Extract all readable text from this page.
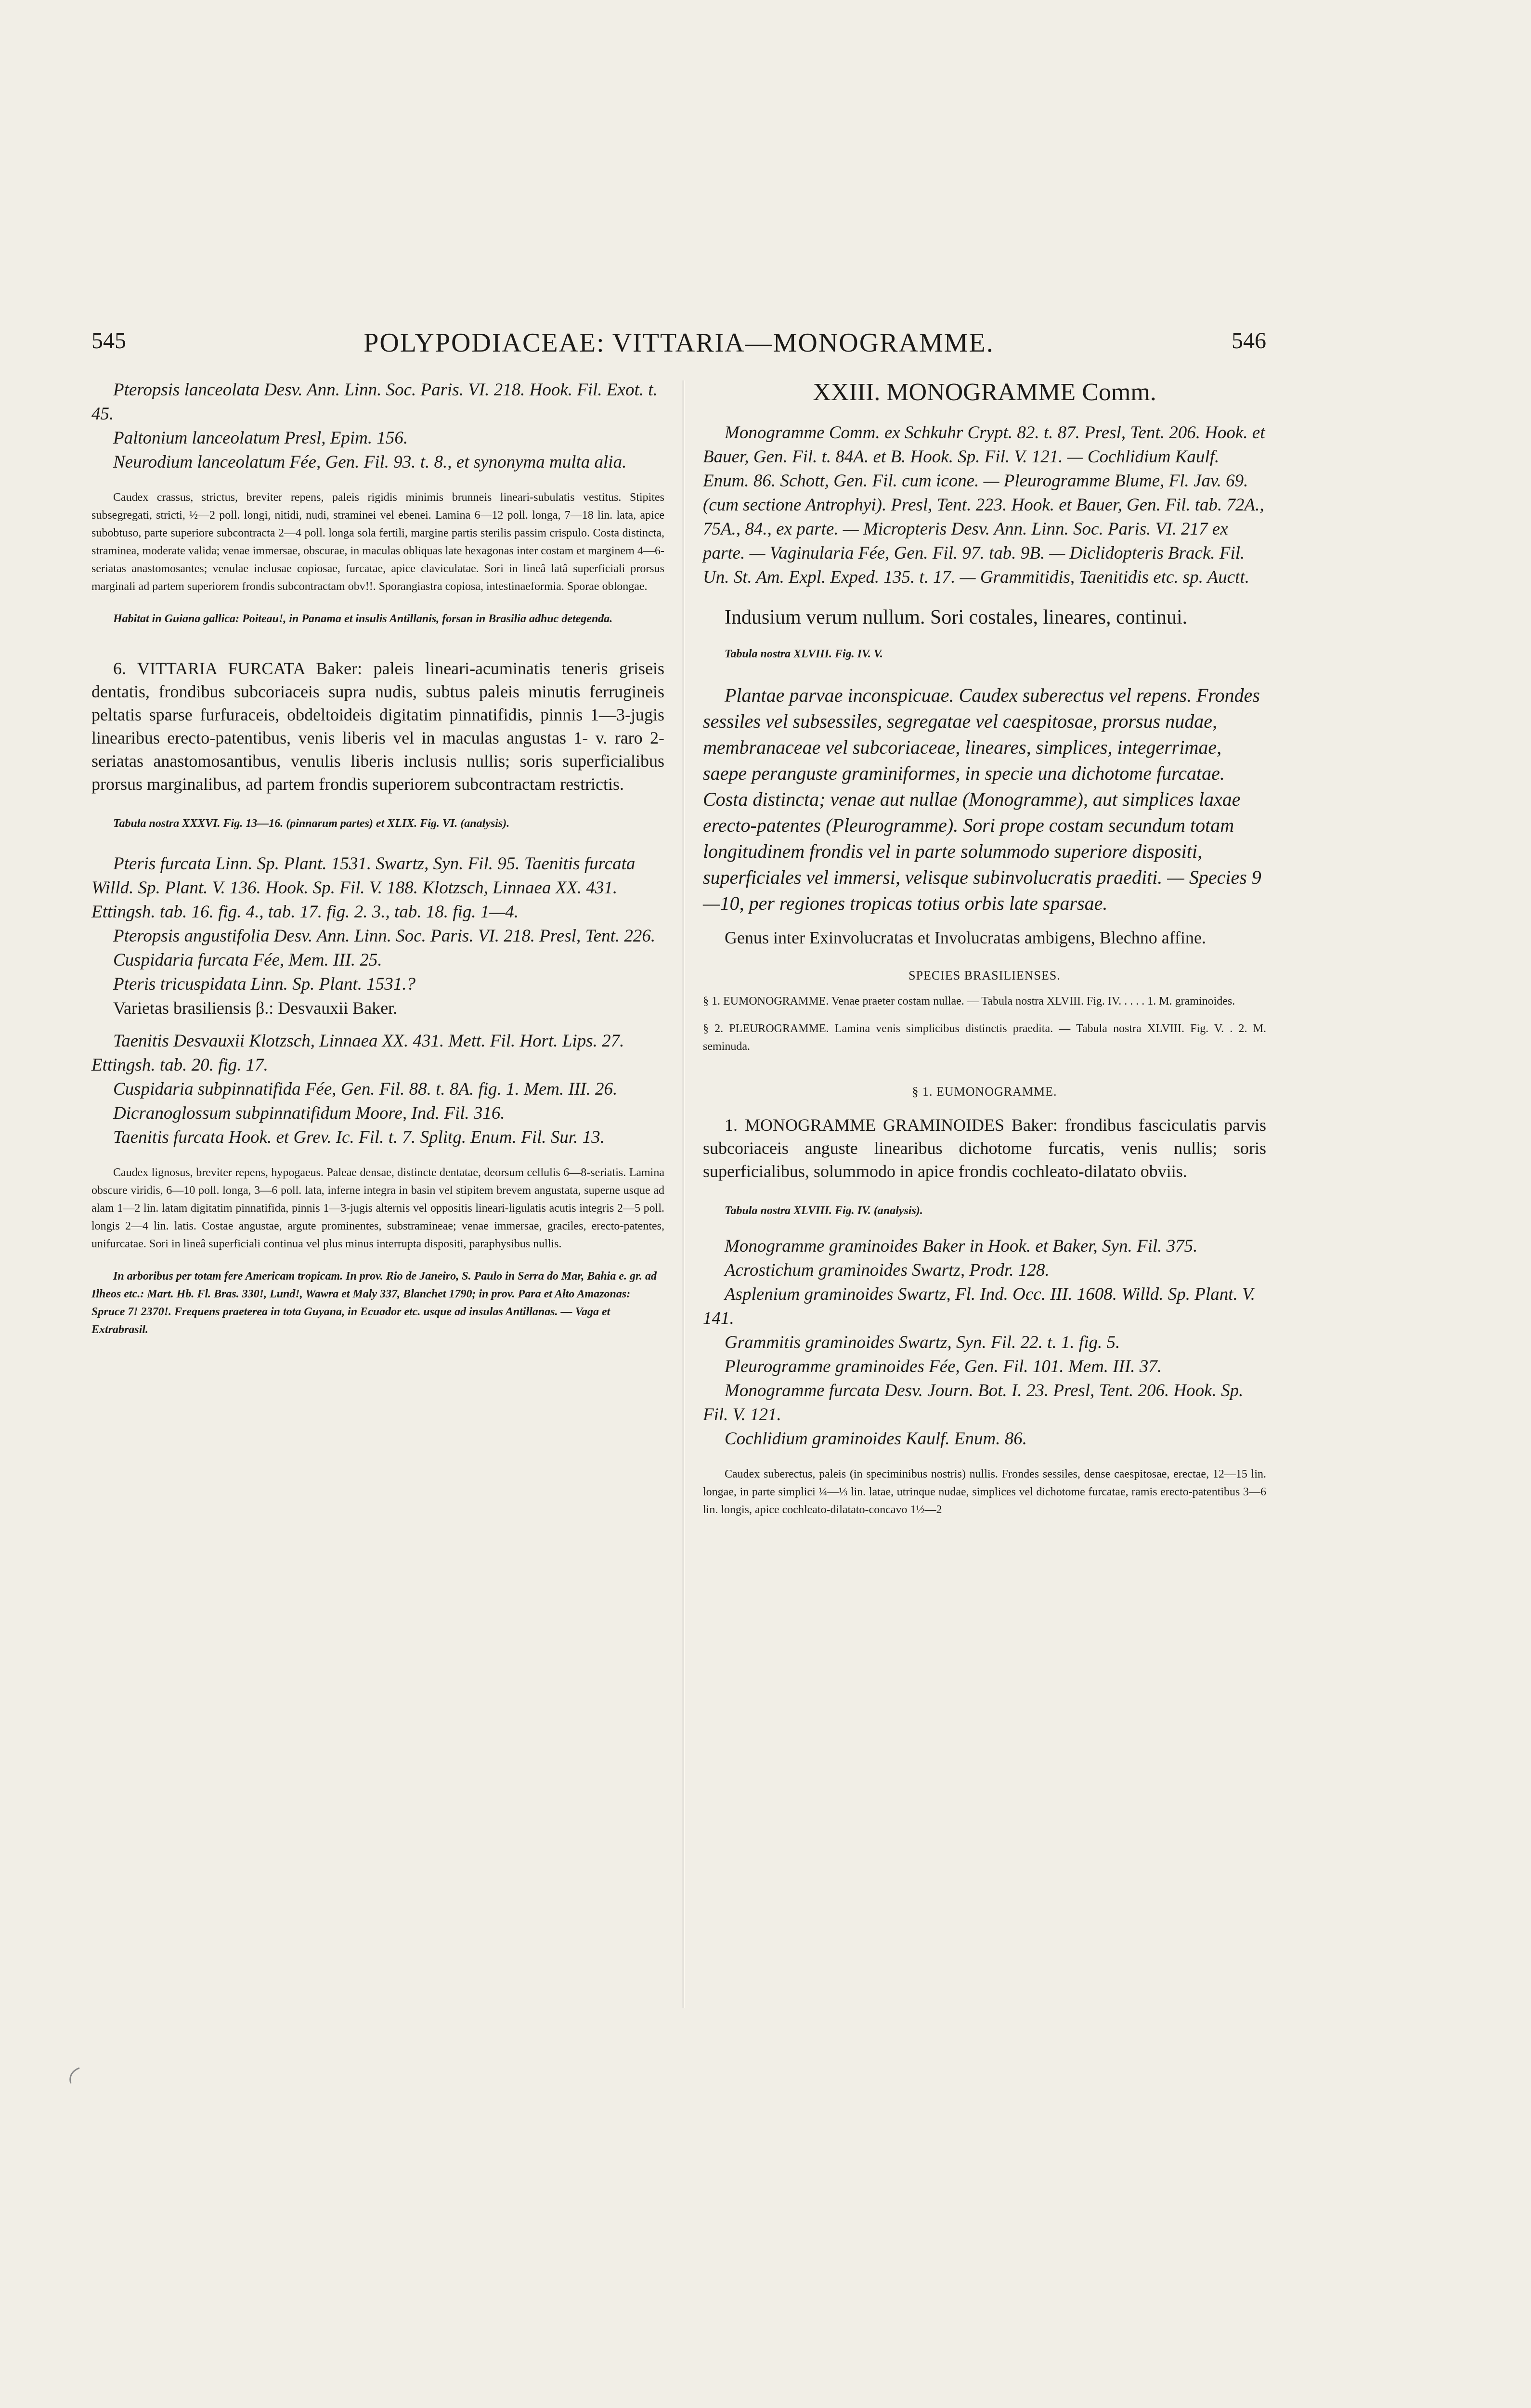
545	POLYPODIACEAE: VITTARIA—MONOGRAMME.	546

Pteropsis lanceolata Desv. Ann. Linn. Soc. Paris. VI. 218. Hook. Fil. Exot. t. 45.

Paltonium lanceolatum Presl, Epim. 156.

Neurodium lanceolatum Fée, Gen. Fil. 93. t. 8., et synonyma multa alia.

Caudex crassus, strictus, breviter repens, paleis rigidis minimis brunneis lineari-subulatis vestitus. Stipites subsegregati, stricti, ½—2 poll. longi, nitidi, nudi, straminei vel ebenei. Lamina 6—12 poll. longa, 7—18 lin. lata, apice subobtuso, parte superiore subcontracta 2—4 poll. longa sola fertili, margine partis sterilis passim crispulo. Costa distincta, straminea, moderate valida; venae immersae, obscurae, in maculas obliquas late hexagonas inter costam et marginem 4—6-seriatas anastomosantes; venulae inclusae copiosae, furcatae, apice claviculatae. Sori in lineâ latâ superficiali prorsus marginali ad partem superiorem frondis subcontractam obv!!. Sporangiastra copiosa, intestinaeformia. Sporae oblongae.

Habitat in Guiana gallica: Poiteau!, in Panama et insulis Antillanis, forsan in Brasilia adhuc detegenda.

6. VITTARIA FURCATA Baker: paleis lineari-acuminatis teneris griseis dentatis, frondibus subcoriaceis supra nudis, subtus paleis minutis ferrugineis peltatis sparse furfuraceis, obdeltoideis digitatim pinnatifidis, pinnis 1—3-jugis linearibus erecto-patentibus, venis liberis vel in maculas angustas 1- v. raro 2-seriatas anastomosantibus, venulis liberis inclusis nullis; soris superficialibus prorsus marginalibus, ad partem frondis superiorem subcontractam restrictis.

Tabula nostra XXXVI. Fig. 13—16. (pinnarum partes) et XLIX. Fig. VI. (analysis).

Pteris furcata Linn. Sp. Plant. 1531. Swartz, Syn. Fil. 95. Taenitis furcata Willd. Sp. Plant. V. 136. Hook. Sp. Fil. V. 188. Klotzsch, Linnaea XX. 431. Ettingsh. tab. 16. fig. 4., tab. 17. fig. 2. 3., tab. 18. fig. 1—4.

Pteropsis angustifolia Desv. Ann. Linn. Soc. Paris. VI. 218. Presl, Tent. 226.

Cuspidaria furcata Fée, Mem. III. 25.

Pteris tricuspidata Linn. Sp. Plant. 1531.?

Varietas brasiliensis β.: Desvauxii Baker.

Taenitis Desvauxii Klotzsch, Linnaea XX. 431. Mett. Fil. Hort. Lips. 27. Ettingsh. tab. 20. fig. 17.

Cuspidaria subpinnatifida Fée, Gen. Fil. 88. t. 8A. fig. 1. Mem. III. 26.

Dicranoglossum subpinnatifidum Moore, Ind. Fil. 316.

Taenitis furcata Hook. et Grev. Ic. Fil. t. 7. Splitg. Enum. Fil. Sur. 13.

Caudex lignosus, breviter repens, hypogaeus. Paleae densae, distincte dentatae, deorsum cellulis 6—8-seriatis. Lamina obscure viridis, 6—10 poll. longa, 3—6 poll. lata, inferne integra in basin vel stipitem brevem angustata, superne usque ad alam 1—2 lin. latam digitatim pinnatifida, pinnis 1—3-jugis alternis vel oppositis lineari-ligulatis acutis integris 2—5 poll. longis 2—4 lin. latis. Costae angustae, argute prominentes, substramineae; venae immersae, graciles, erecto-patentes, unifurcatae. Sori in lineâ superficiali continua vel plus minus interrupta dispositi, paraphysibus nullis.

In arboribus per totam fere Americam tropicam. In prov. Rio de Janeiro, S. Paulo in Serra do Mar, Bahia e. gr. ad Ilheos etc.: Mart. Hb. Fl. Bras. 330!, Lund!, Wawra et Maly 337, Blanchet 1790; in prov. Para et Alto Amazonas: Spruce 7! 2370!. Frequens praeterea in tota Guyana, in Ecuador etc. usque ad insulas Antillanas. — Vaga et Extrabrasil.

XXIII. MONOGRAMME Comm.

Monogramme Comm. ex Schkuhr Crypt. 82. t. 87. Presl, Tent. 206. Hook. et Bauer, Gen. Fil. t. 84A. et B. Hook. Sp. Fil. V. 121. — Cochlidium Kaulf. Enum. 86. Schott, Gen. Fil. cum icone. — Pleurogramme Blume, Fl. Jav. 69. (cum sectione Antrophyi). Presl, Tent. 223. Hook. et Bauer, Gen. Fil. tab. 72A., 75A., 84., ex parte. — Micropteris Desv. Ann. Linn. Soc. Paris. VI. 217 ex parte. — Vaginularia Fée, Gen. Fil. 97. tab. 9B. — Diclidopteris Brack. Fil. Un. St. Am. Expl. Exped. 135. t. 17. — Grammitidis, Taenitidis etc. sp. Auctt.

Indusium verum nullum. Sori costales, lineares, continui.

Tabula nostra XLVIII. Fig. IV. V.

Plantae parvae inconspicuae. Caudex suberectus vel repens. Frondes sessiles vel subsessiles, segregatae vel caespitosae, prorsus nudae, membranaceae vel subcoriaceae, lineares, simplices, integerrimae, saepe peranguste graminiformes, in specie una dichotome furcatae. Costa distincta; venae aut nullae (Monogramme), aut simplices laxae erecto-patentes (Pleurogramme). Sori prope costam secundum totam longitudinem frondis vel in parte solummodo superiore dispositi, superficiales vel immersi, velisque subinvolucratis praediti. — Species 9—10, per regiones tropicas totius orbis late sparsae.

Genus inter Exinvolucratas et Involucratas ambigens, Blechno affine.

SPECIES BRASILIENSES.

§ 1. EUMONOGRAMME. Venae praeter costam nullae. — Tabula nostra XLVIII. Fig. IV. . . . . 1. M. graminoides.

§ 2. PLEUROGRAMME. Lamina venis simplicibus distinctis praedita. — Tabula nostra XLVIII. Fig. V. . 2. M. seminuda.

§ 1. EUMONOGRAMME.

1. MONOGRAMME GRAMINOIDES Baker: frondibus fasciculatis parvis subcoriaceis anguste linearibus dichotome furcatis, venis nullis; soris superficialibus, solummodo in apice frondis cochleato-dilatato obviis.

Tabula nostra XLVIII. Fig. IV. (analysis).

Monogramme graminoides Baker in Hook. et Baker, Syn. Fil. 375.

Acrostichum graminoides Swartz, Prodr. 128.

Asplenium graminoides Swartz, Fl. Ind. Occ. III. 1608. Willd. Sp. Plant. V. 141.

Grammitis graminoides Swartz, Syn. Fil. 22. t. 1. fig. 5.

Pleurogramme graminoides Fée, Gen. Fil. 101. Mem. III. 37.

Monogramme furcata Desv. Journ. Bot. I. 23. Presl, Tent. 206. Hook. Sp. Fil. V. 121.

Cochlidium graminoides Kaulf. Enum. 86.

Caudex suberectus, paleis (in speciminibus nostris) nullis. Frondes sessiles, dense caespitosae, erectae, 12—15 lin. longae, in parte simplici ¼—⅓ lin. latae, utrinque nudae, simplices vel dichotome furcatae, ramis erecto-patentibus 3—6 lin. longis, apice cochleato-dilatato-concavo 1½—2
